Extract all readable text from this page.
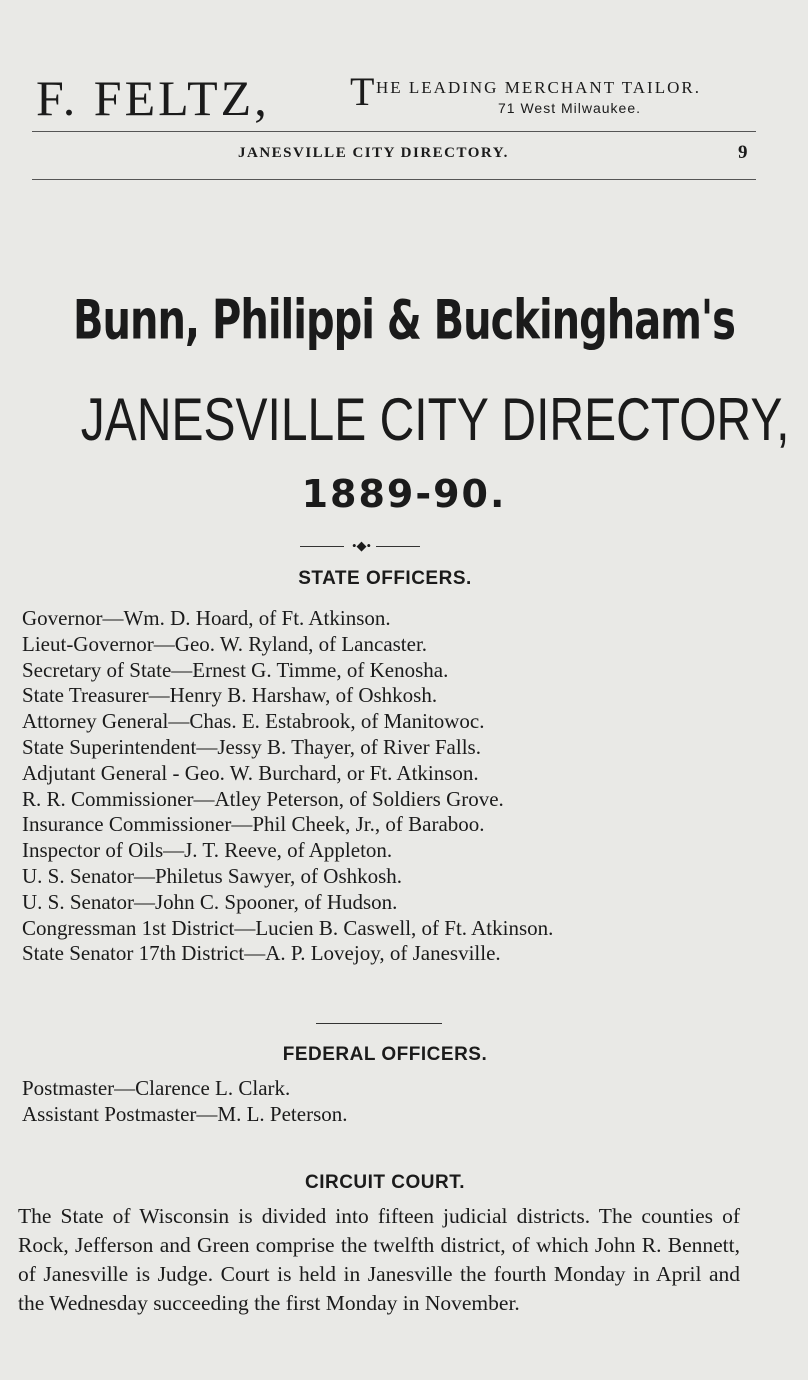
F. FELTZ, T HE LEADING MERCHANT TAILOR.
71 West Milwaukee.
JANESVILLE CITY DIRECTORY.	9
Bunn, Philippi & Buckingham's
JANESVILLE CITY DIRECTORY,
1889-90.
•◆•
STATE OFFICERS.
Governor—Wm. D. Hoard, of Ft. Atkinson.
Lieut-Governor—Geo. W. Ryland, of Lancaster.
Secretary of State—Ernest G. Timme, of Kenosha.
State Treasurer—Henry B. Harshaw, of Oshkosh.
Attorney General—Chas. E. Estabrook, of Manitowoc.
State Superintendent—Jessy B. Thayer, of River Falls.
Adjutant General - Geo. W. Burchard, or Ft. Atkinson.
R. R. Commissioner—Atley Peterson, of Soldiers Grove.
Insurance Commissioner—Phil Cheek, Jr., of Baraboo.
Inspector of Oils—J. T. Reeve, of Appleton.
U. S. Senator—Philetus Sawyer, of Oshkosh.
U. S. Senator—John C. Spooner, of Hudson.
Congressman 1st District—Lucien B. Caswell, of Ft. Atkinson.
State Senator 17th District—A. P. Lovejoy, of Janesville.
FEDERAL OFFICERS.
Postmaster—Clarence L. Clark.
Assistant Postmaster—M. L. Peterson.
CIRCUIT COURT.
The State of Wisconsin is divided into fifteen judicial districts. The counties of Rock, Jefferson and Green comprise the twelfth district, of which John R. Bennett, of Janesville is Judge. Court is held in Janesville the fourth Monday in April and the Wednesday succeeding the first Monday in November.
